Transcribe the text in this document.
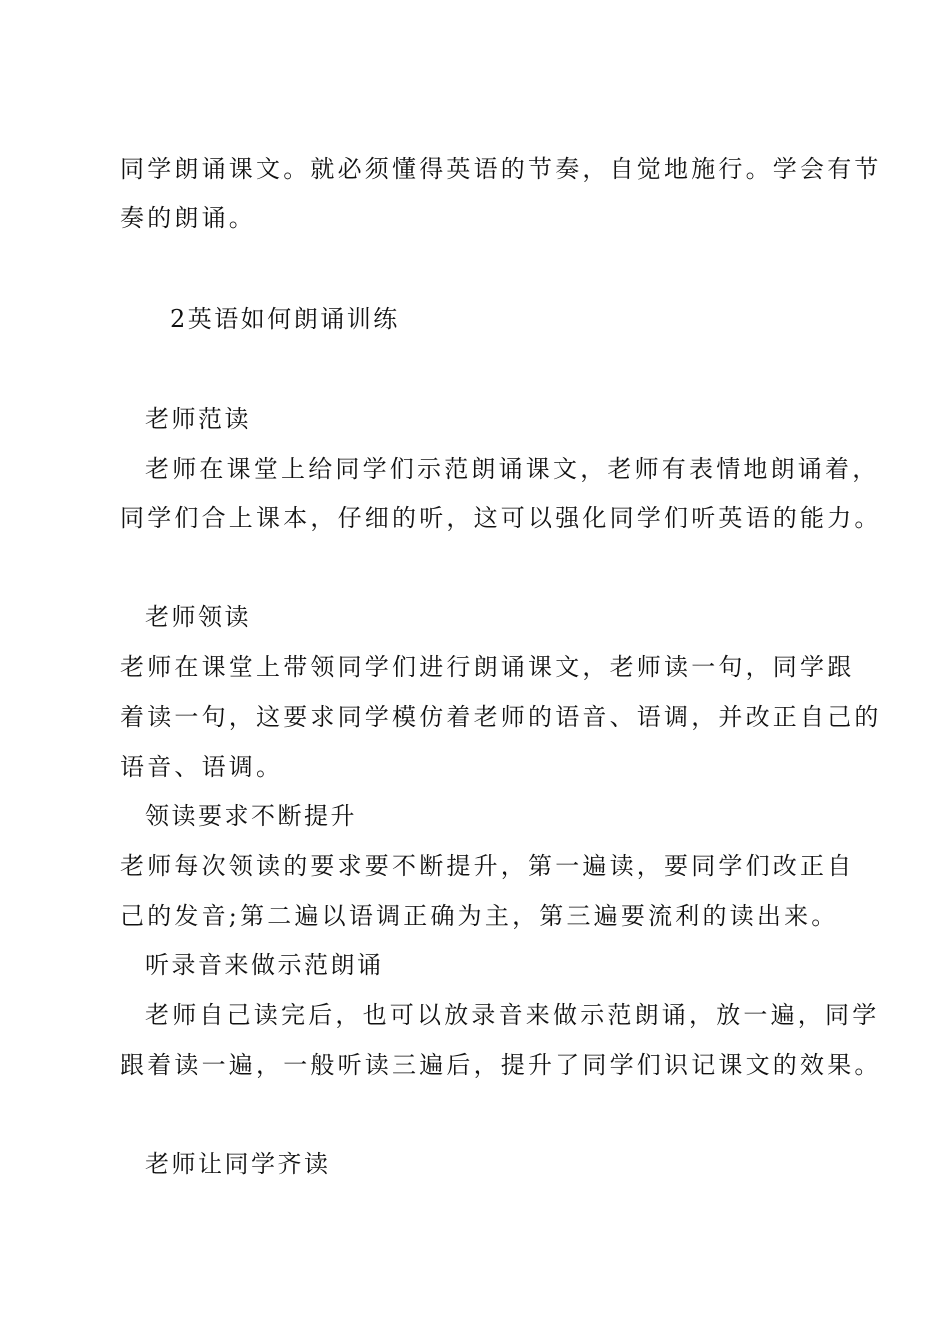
同学朗诵课文。就必须懂得英语的节奏，自觉地施行。学会有节
奏的朗诵。
2英语如何朗诵训练
老师范读
老师在课堂上给同学们示范朗诵课文，老师有表情地朗诵着，
同学们合上课本，仔细的听，这可以强化同学们听英语的能力。
老师领读
老师在课堂上带领同学们进行朗诵课文，老师读一句，同学跟
着读一句，这要求同学模仿着老师的语音、语调，并改正自己的
语音、语调。
领读要求不断提升
老师每次领读的要求要不断提升，第一遍读，要同学们改正自
己的发音;第二遍以语调正确为主，第三遍要流利的读出来。
听录音来做示范朗诵
老师自己读完后，也可以放录音来做示范朗诵，放一遍，同学
跟着读一遍，一般听读三遍后，提升了同学们识记课文的效果。
老师让同学齐读
